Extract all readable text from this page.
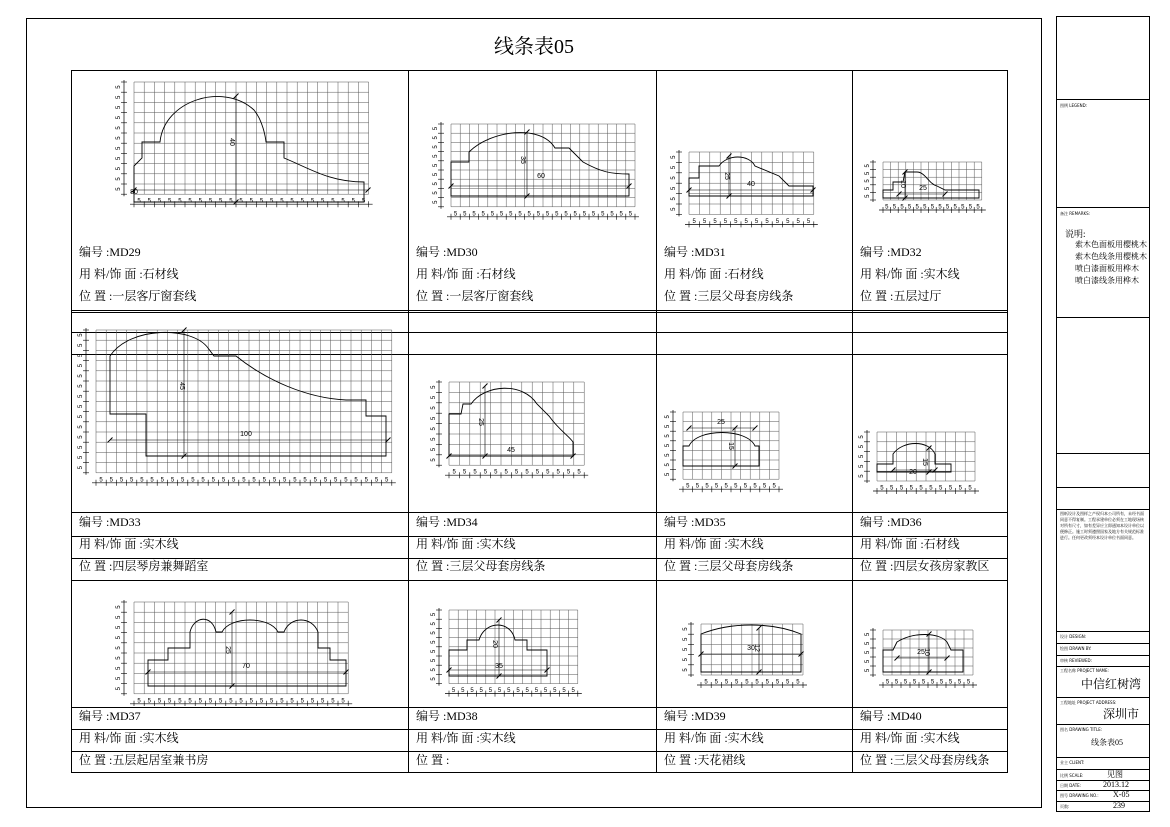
线条表05
5 5 5 5 5 5 5 5 5 5 5 5 5 5 5 5 5 5 5 5 5 5 5
5
5
5
5
5
5
5
5
5
5
5 80
40
编号 :MD29
用 料/饰 面 :石材线
位 置 :一层客厅窗套线
5 5 5 5 5 5 5 5 5 5 5 5 5 5 5 5 5 5 5 5
5
5
5
5
5
5
5
5
5
60
35
编号 :MD30
用 料/饰 面 :石材线
位 置 :一层客厅窗套线
5 5 5 5 5 5 5 5 5 5 5 5
5
5
5
5
5
5
40
25
编号 :MD31
用 料/饰 面 :石材线
位 置 :三层父母套房线条
5 5 5 5 5 5 5 5 5 5 5 5 5
5
5
5
5
5
25
10
编号 :MD32
用 料/饰 面 :实木线
位 置 :五层过厅
5 5 5 5 5 5 5 5 5 5 5 5 5 5 5 5 5 5 5 5 5 5 5 5 5 5 5 5 5
5
5
5
5
5
5
5
5
5
5
5
5
5
5
100
45
编号 :MD33
用 料/饰 面 :实木线
位 置 :四层琴房兼舞蹈室
5 5 5 5 5 5 5 5 5 5 5 5 5
5
5
5
5
5
5
5
5
45
25
编号 :MD34
用 料/饰 面 :实木线
位 置 :三层父母套房线条
5 5 5 5 5 5 5 5 5 5
5
5
5
5
5
5
5
25
15
编号 :MD35
用 料/饰 面 :实木线
位 置 :三层父母套房线条
5 5 5 5 5 5 5 5 5 5
5
5
5
5
5
20
15
编号 :MD36
用 料/饰 面 :石材线
位 置 :四层女孩房家教区
5 5 5 5 5 5 5 5 5 5 5 5 5 5 5 5 5 5 5 5 5
5
5
5
5
5
5
5
5
5
70
25
编号 :MD37
用 料/饰 面 :实木线
位 置 :五层起居室兼书房
5 5 5 5 5 5 5 5 5 5 5 5 5 5
5
5
5
5
5
5
5
5
35
20
编号 :MD38
用 料/饰 面 :实木线
位 置 :
5 5 5 5 5 5 5 5 5 5
5
5
5
5
5
30
12
编号 :MD39
用 料/饰 面 :实木线
位 置 :天花裙线
5 5 5 5 5 5 5 5 5 5
5
5
5
5
5
25
10
编号 :MD40
用 料/饰 面 :实木线
位 置 :三层父母套房线条
图例 LEGEND:
备注 REMARKS:
说明:
索木色面板用樱桃木
索木色线条用樱桃木
喷白漆面板用桦木
喷白漆线条用桦木
图纸设计及图样之产权归本公司所有，未经书面同意不得复制。工程承建单位必须在工地现场核对所有尺寸，如有差异应立即通知本设计单位以便修正。施工时须遵照国家及地方有关规范标准进行。任何更改须经本设计单位书面同意。
设计 DESIGN:
绘图 DRAWN BY:
审核 REVIEWED:
工程名称 PROJECT NAME:
中信红树湾
工程地址 PROJECT ADDRESS:
深圳市
图名 DRAWING TITLE:
线条表05
业主 CLIENT:
比例 SCALE:	见图
日期 DATE:	2013.12
图号 DRAWING NO.: X-05
页数:	239
